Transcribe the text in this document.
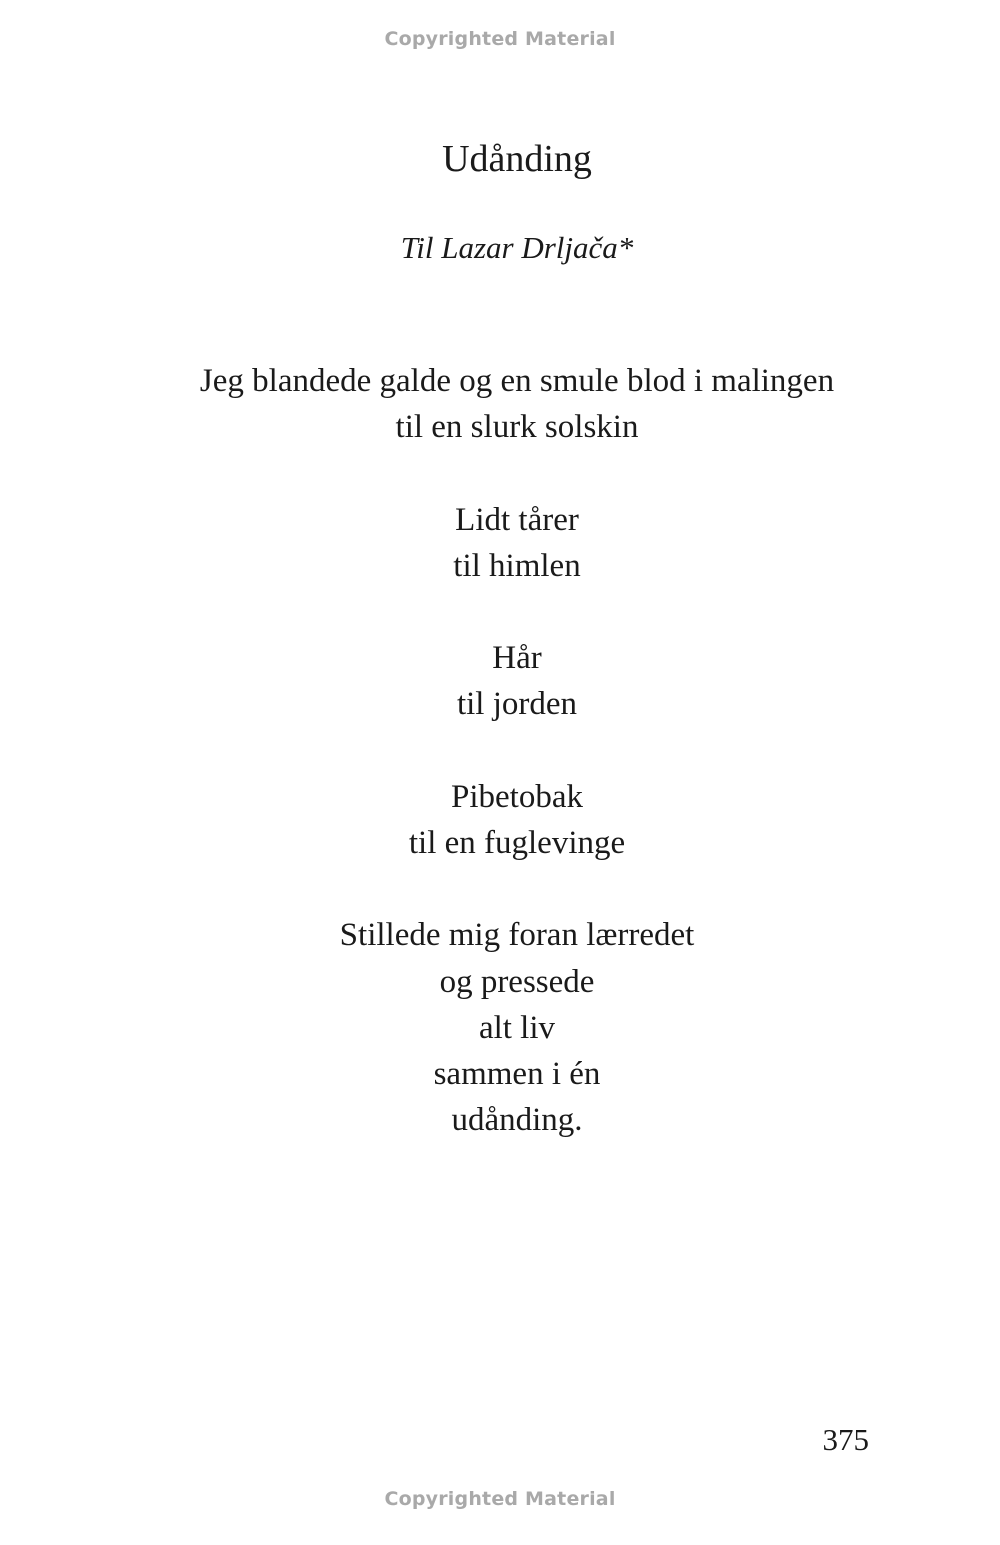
Copyrighted Material
Udånding
Til Lazar Drljača*
Jeg blandede galde og en smule blod i malingen
til en slurk solskin
Lidt tårer
til himlen
Hår
til jorden
Pibetobak
til en fuglevinge
Stillede mig foran lærredet
og pressede
alt liv
sammen i én
udånding.
375
Copyrighted Material
